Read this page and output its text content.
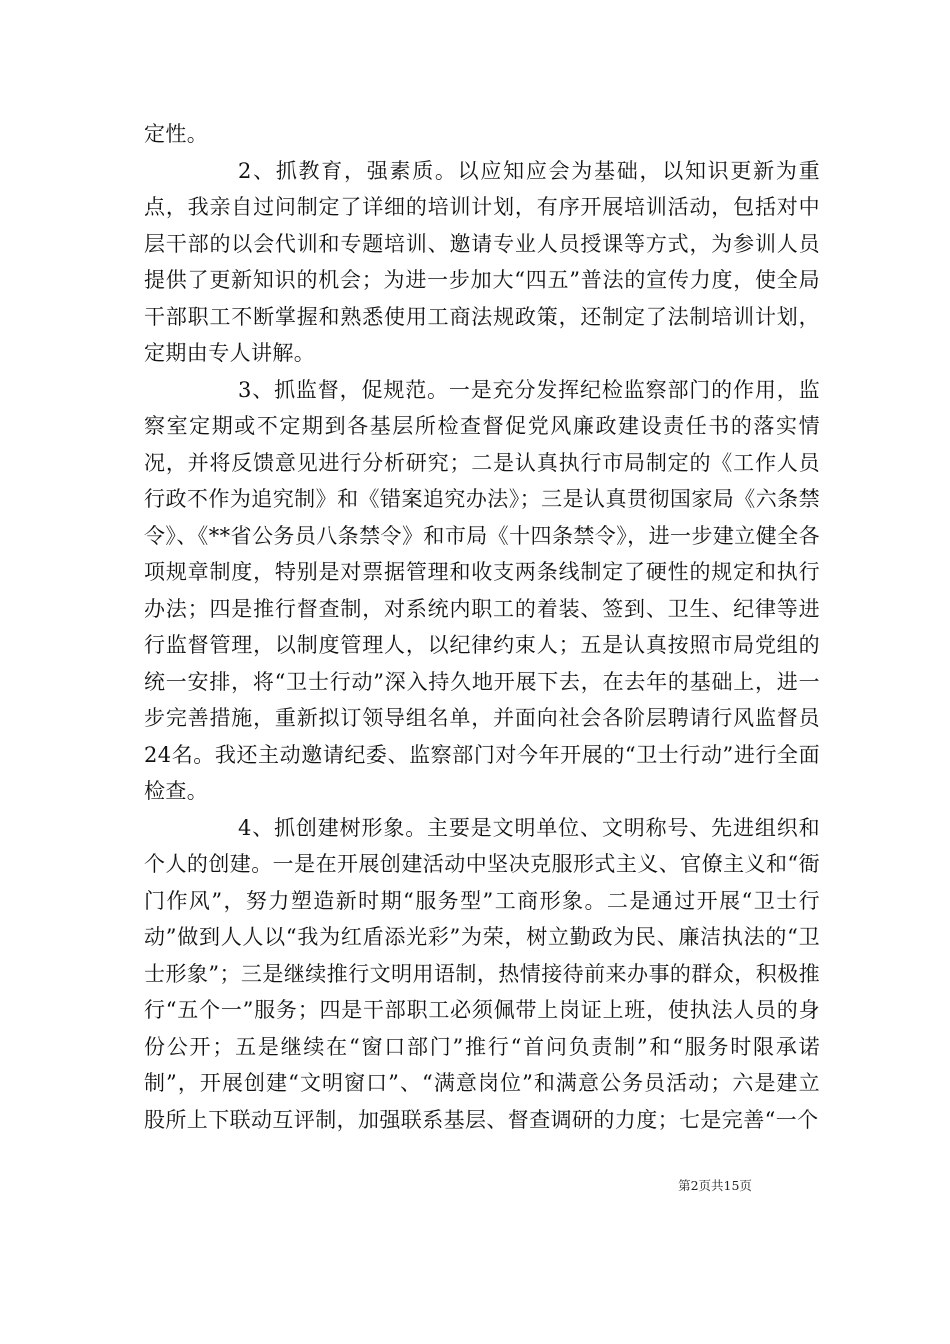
定性。

2、抓教育，强素质。以应知应会为基础，以知识更新为重点，我亲自过问制定了详细的培训计划，有序开展培训活动，包括对中层干部的以会代训和专题培训、邀请专业人员授课等方式，为参训人员提供了更新知识的机会；为进一步加大“四五”普法的宣传力度，使全局干部职工不断掌握和熟悉使用工商法规政策，还制定了法制培训计划，定期由专人讲解。

3、抓监督，促规范。一是充分发挥纪检监察部门的作用，监察室定期或不定期到各基层所检查督促党风廉政建设责任书的落实情况，并将反馈意见进行分析研究；二是认真执行市局制定的《工作人员行政不作为追究制》和《错案追究办法》；三是认真贯彻国家局《六条禁令》、《**省公务员八条禁令》和市局《十四条禁令》，进一步建立健全各项规章制度，特别是对票据管理和收支两条线制定了硬性的规定和执行办法；四是推行督查制，对系统内职工的着装、签到、卫生、纪律等进行监督管理，以制度管理人，以纪律约束人；五是认真按照市局党组的统一安排，将“卫士行动”深入持久地开展下去，在去年的基础上，进一步完善措施，重新拟订领导组名单，并面向社会各阶层聘请行风监督员24名。我还主动邀请纪委、监察部门对今年开展的“卫士行动”进行全面检查。

4、抓创建树形象。主要是文明单位、文明称号、先进组织和个人的创建。一是在开展创建活动中坚决克服形式主义、官僚主义和“衙门作风”，努力塑造新时期“服务型”工商形象。二是通过开展“卫士行动”做到人人以“我为红盾添光彩”为荣，树立勤政为民、廉洁执法的“卫士形象”；三是继续推行文明用语制，热情接待前来办事的群众，积极推行“五个一”服务；四是干部职工必须佩带上岗证上班，使执法人员的身份公开；五是继续在“窗口部门”推行“首问负责制”和“服务时限承诺制”，开展创建“文明窗口”、“满意岗位”和满意公务员活动；六是建立股所上下联动互评制，加强联系基层、督查调研的力度；七是完善“一个

第2页共15页
